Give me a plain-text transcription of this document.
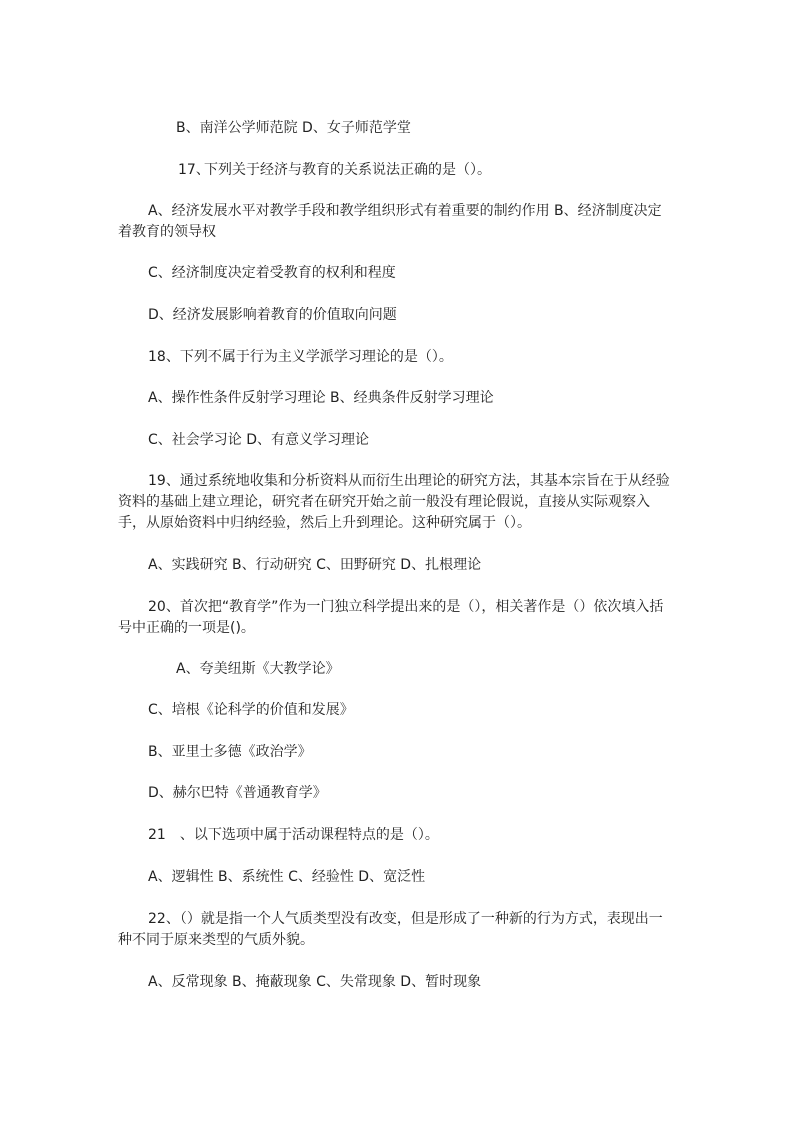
B、南洋公学师范院 D、女子师范学堂
17、下列关于经济与教育的关系说法正确的是（）。
A、经济发展水平对教学手段和教学组织形式有着重要的制约作用 B、经济制度决定着教育的领导权
C、经济制度决定着受教育的权利和程度
D、经济发展影响着教育的价值取向问题
18、下列不属于行为主义学派学习理论的是（）。
A、操作性条件反射学习理论 B、经典条件反射学习理论
C、社会学习论 D、有意义学习理论
19、通过系统地收集和分析资料从而衍生出理论的研究方法，其基本宗旨在于从经验资料的基础上建立理论，研究者在研究开始之前一般没有理论假说，直接从实际观察入手，从原始资料中归纳经验，然后上升到理论。这种研究属于（）。
A、实践研究 B、行动研究 C、田野研究 D、扎根理论
20、首次把“教育学”作为一门独立科学提出来的是（），相关著作是（）依次填入括号中正确的一项是()。
A、夸美纽斯《大教学论》
C、培根《论科学的价值和发展》
B、亚里士多德《政治学》
D、赫尔巴特《普通教育学》
21　、以下选项中属于活动课程特点的是（）。
A、逻辑性 B、系统性 C、经验性 D、宽泛性
22、（）就是指一个人气质类型没有改变，但是形成了一种新的行为方式，表现出一种不同于原来类型的气质外貌。
A、反常现象 B、掩蔽现象 C、失常现象 D、暂时现象
